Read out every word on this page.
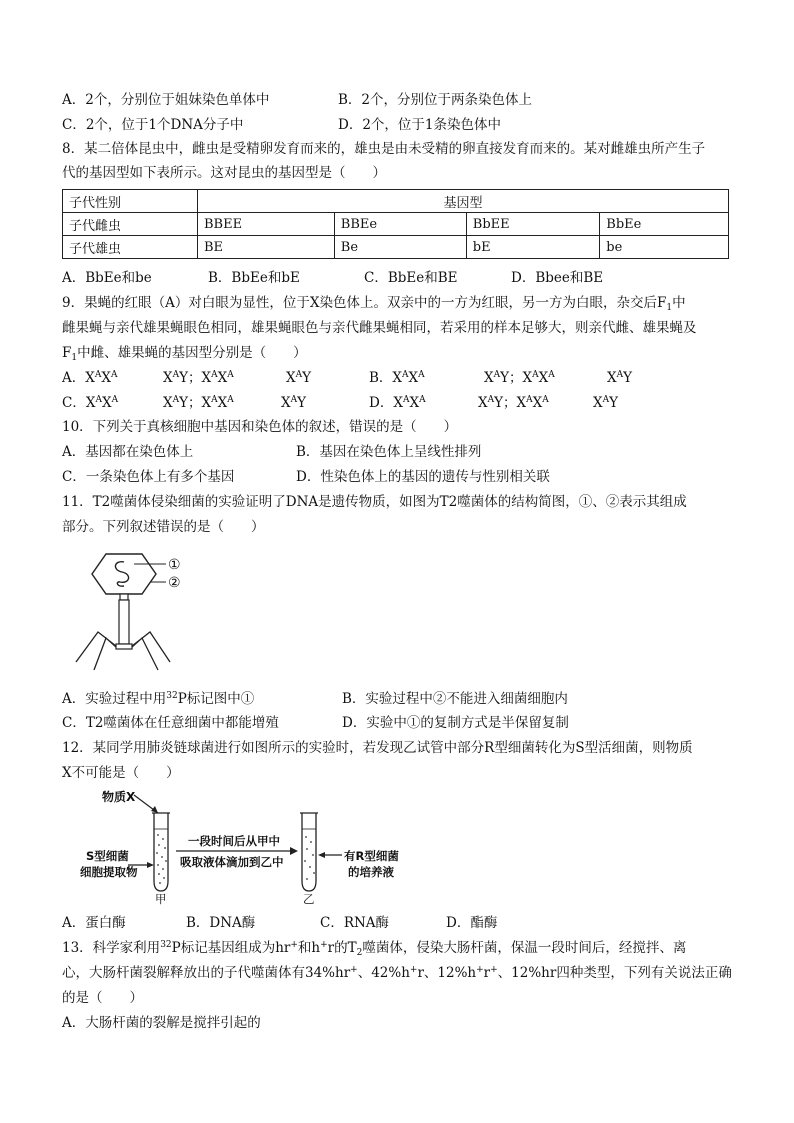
A．2个，分别位于姐妹染色单体中	B．2个，分别位于两条染色体上
C．2个，位于1个DNA分子中	D．2个，位于1条染色体中
8．某二倍体昆虫中，雌虫是受精卵发育而来的，雄虫是由未受精的卵直接发育而来的。某对雌雄虫所产生子
代的基因型如下表所示。这对昆虫的基因型是（　　）
子代性别	基因型			
子代雌虫	BBEE	BBEe	BbEE	BbEe
子代雄虫	BE	Be	bE	be
A．BbEe和be	B．BbEe和bE	C．BbEe和BE	D．Bbee和BE
9．果蝇的红眼（A）对白眼为显性，位于X染色体上。双亲中的一方为红眼，另一方为白眼，杂交后$F_1$中
雌果蝇与亲代雄果蝇眼色相同，雄果蝇眼色与亲代雌果蝇相同，若采用的样本足够大，则亲代雌、雄果蝇及
$F_1$中雌、雄果蝇的基因型分别是（　　）
A．$X^AX^A$	$X^AY$；$X^AX^A$	$X^AY$	B．$X^AX^A$	$X^AY$；$X^AX^A$	$X^AY$
C．$X^AX^A$	$X^AY$；$X^AX^A$	$X^AY$	D．$X^AX^A$	$X^AY$；$X^AX^A$	$X^AY$
10．下列关于真核细胞中基因和染色体的叙述，错误的是（　　）
A．基因都在染色体上	B．基因在染色体上呈线性排列
C．一条染色体上有多个基因	D．性染色体上的基因的遗传与性别相关联
11．T2噬菌体侵染细菌的实验证明了DNA是遗传物质，如图为T2噬菌体的结构简图，①、②表示其组成
部分。下列叙述错误的是（　　）
①
②
A．实验过程中用$^{32}$P标记图中①	B．实验过程中②不能进入细菌细胞内
C．T2噬菌体在任意细菌中都能增殖	D．实验中①的复制方式是半保留复制
12．某同学用肺炎链球菌进行如图所示的实验时，若发现乙试管中部分R型细菌转化为S型活细菌，则物质
X不可能是（　　）
物质X
S型细菌
细胞提取物
一段时间后从甲中
吸取液体滴加到乙中	有R型细菌
的培养液
甲	乙
A．蛋白酶	B．DNA酶	C．RNA酶	D．酯酶
13．科学家利用$^{32}$P标记基因组成为hr+和h+r的$T_2$噬菌体，侵染大肠杆菌，保温一段时间后，经搅拌、离
心，大肠杆菌裂解释放出的子代噬菌体有34%hr+、42%h+r、12%h+r+、12%hr四种类型，下列有关说法正确
的是（　　）
A．大肠杆菌的裂解是搅拌引起的
